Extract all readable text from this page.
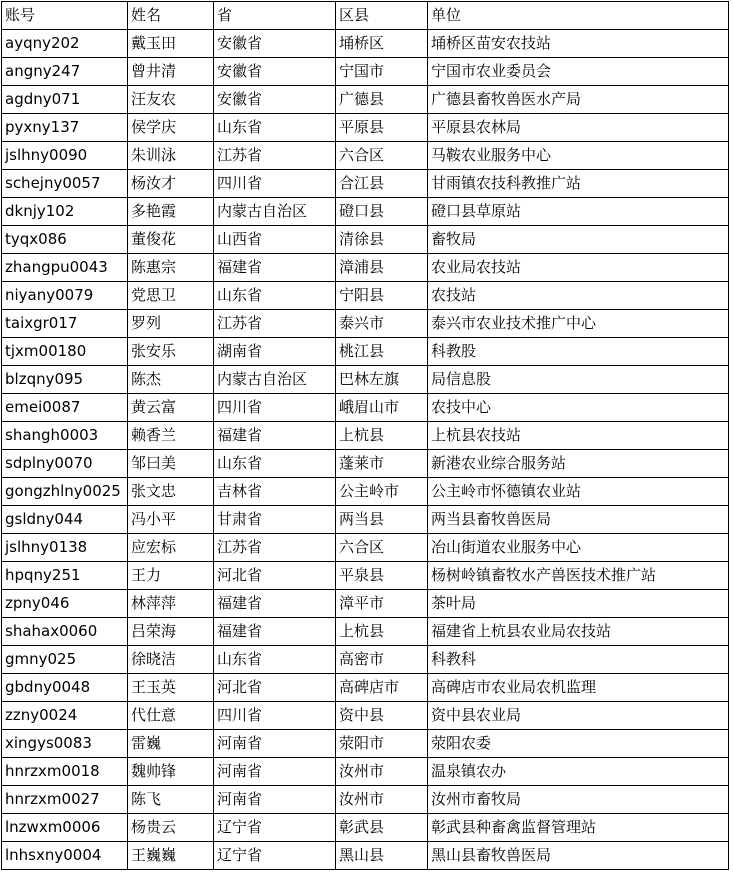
账号	姓名	省	区县	单位
ayqny202	戴玉田	安徽省	埇桥区	埇桥区苗安农技站
angny247	曾井清	安徽省	宁国市	宁国市农业委员会
agdny071	汪友农	安徽省	广德县	广德县畜牧兽医水产局
pyxny137	侯学庆	山东省	平原县	平原县农林局
jslhny0090	朱训泳	江苏省	六合区	马鞍农业服务中心
schejny0057	杨汝才	四川省	合江县	甘雨镇农技科教推广站
dknjy102	多艳霞	内蒙古自治区	磴口县	磴口县草原站
tyqx086	董俊花	山西省	清徐县	畜牧局
zhangpu0043	陈惠宗	福建省	漳浦县	农业局农技站
niyany0079	党思卫	山东省	宁阳县	农技站
taixgr017	罗列	江苏省	泰兴市	泰兴市农业技术推广中心
tjxm00180	张安乐	湖南省	桃江县	科教股
blzqny095	陈杰	内蒙古自治区	巴林左旗	局信息股
emei0087	黄云富	四川省	峨眉山市	农技中心
shangh0003	赖香兰	福建省	上杭县	上杭县农技站
sdplny0070	邹曰美	山东省	蓬莱市	新港农业综合服务站
gongzhlny0025	张文忠	吉林省	公主岭市	公主岭市怀德镇农业站
gsldny044	冯小平	甘肃省	两当县	两当县畜牧兽医局
jslhny0138	应宏标	江苏省	六合区	冶山街道农业服务中心
hpqny251	王力	河北省	平泉县	杨树岭镇畜牧水产兽医技术推广站
zpny046	林萍萍	福建省	漳平市	茶叶局
shahax0060	吕荣海	福建省	上杭县	福建省上杭县农业局农技站
gmny025	徐晓洁	山东省	高密市	科教科
gbdny0048	王玉英	河北省	高碑店市	高碑店市农业局农机监理
zzny0024	代仕意	四川省	资中县	资中县农业局
xingys0083	雷巍	河南省	荥阳市	荥阳农委
hnrzxm0018	魏帅锋	河南省	汝州市	温泉镇农办
hnrzxm0027	陈飞	河南省	汝州市	汝州市畜牧局
lnzwxm0006	杨贵云	辽宁省	彰武县	彰武县种畜禽监督管理站
lnhsxny0004	王巍巍	辽宁省	黑山县	黑山县畜牧兽医局
